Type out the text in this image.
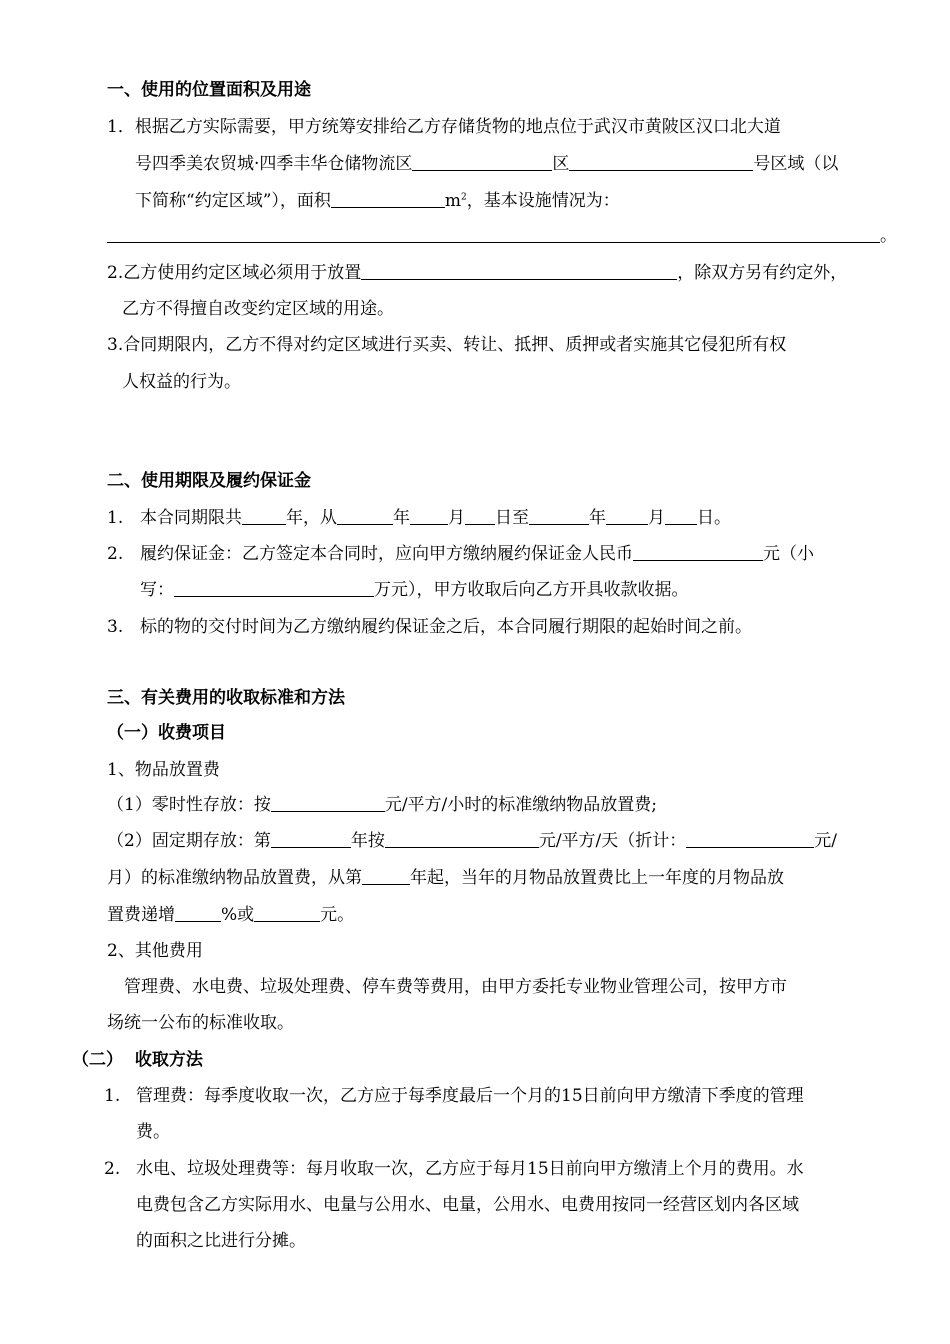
一、使用的位置面积及用途
1．根据乙方实际需要，甲方统筹安排给乙方存储货物的地点位于武汉市黄陂区汉口北大道
号四季美农贸城·四季丰华仓储物流区	区	号区域（以
下简称“约定区域”），面积	$m^2$，基本设施情况为：
。
2.乙方使用约定区域必须用于放置	，除双方另有约定外，
乙方不得擅自改变约定区域的用途。
3.合同期限内，乙方不得对约定区域进行买卖、转让、抵押、质押或者实施其它侵犯所有权
人权益的行为。
二、使用期限及履约保证金
1. 本合同期限共	年，从	年 月 日至	年 月 日。
2. 履约保证金：乙方签定本合同时，应向甲方缴纳履约保证金人民币	元（小
写：	万元），甲方收取后向乙方开具收款收据。
3. 标的物的交付时间为乙方缴纳履约保证金之后，本合同履行期限的起始时间之前。
三、有关费用的收取标准和方法
（一）收费项目
1、物品放置费
（1）零时性存放：按	元/平方/小时的标准缴纳物品放置费;
（2）固定期存放：第	年按	元/平方/天（折计：	元/
月）的标准缴纳物品放置费，从第	年起，当年的月物品放置费比上一年度的月物品放
置费递增	%或	元。
2、其他费用
管理费、水电费、垃圾处理费、停车费等费用，由甲方委托专业物业管理公司，按甲方市
场统一公布的标准收取。
（二）  收取方法
1. 管理费：每季度收取一次，乙方应于每季度最后一个月的15日前向甲方缴清下季度的管理
费。
2. 水电、垃圾处理费等：每月收取一次，乙方应于每月15日前向甲方缴清上个月的费用。水
电费包含乙方实际用水、电量与公用水、电量，公用水、电费用按同一经营区划内各区域
的面积之比进行分摊。
